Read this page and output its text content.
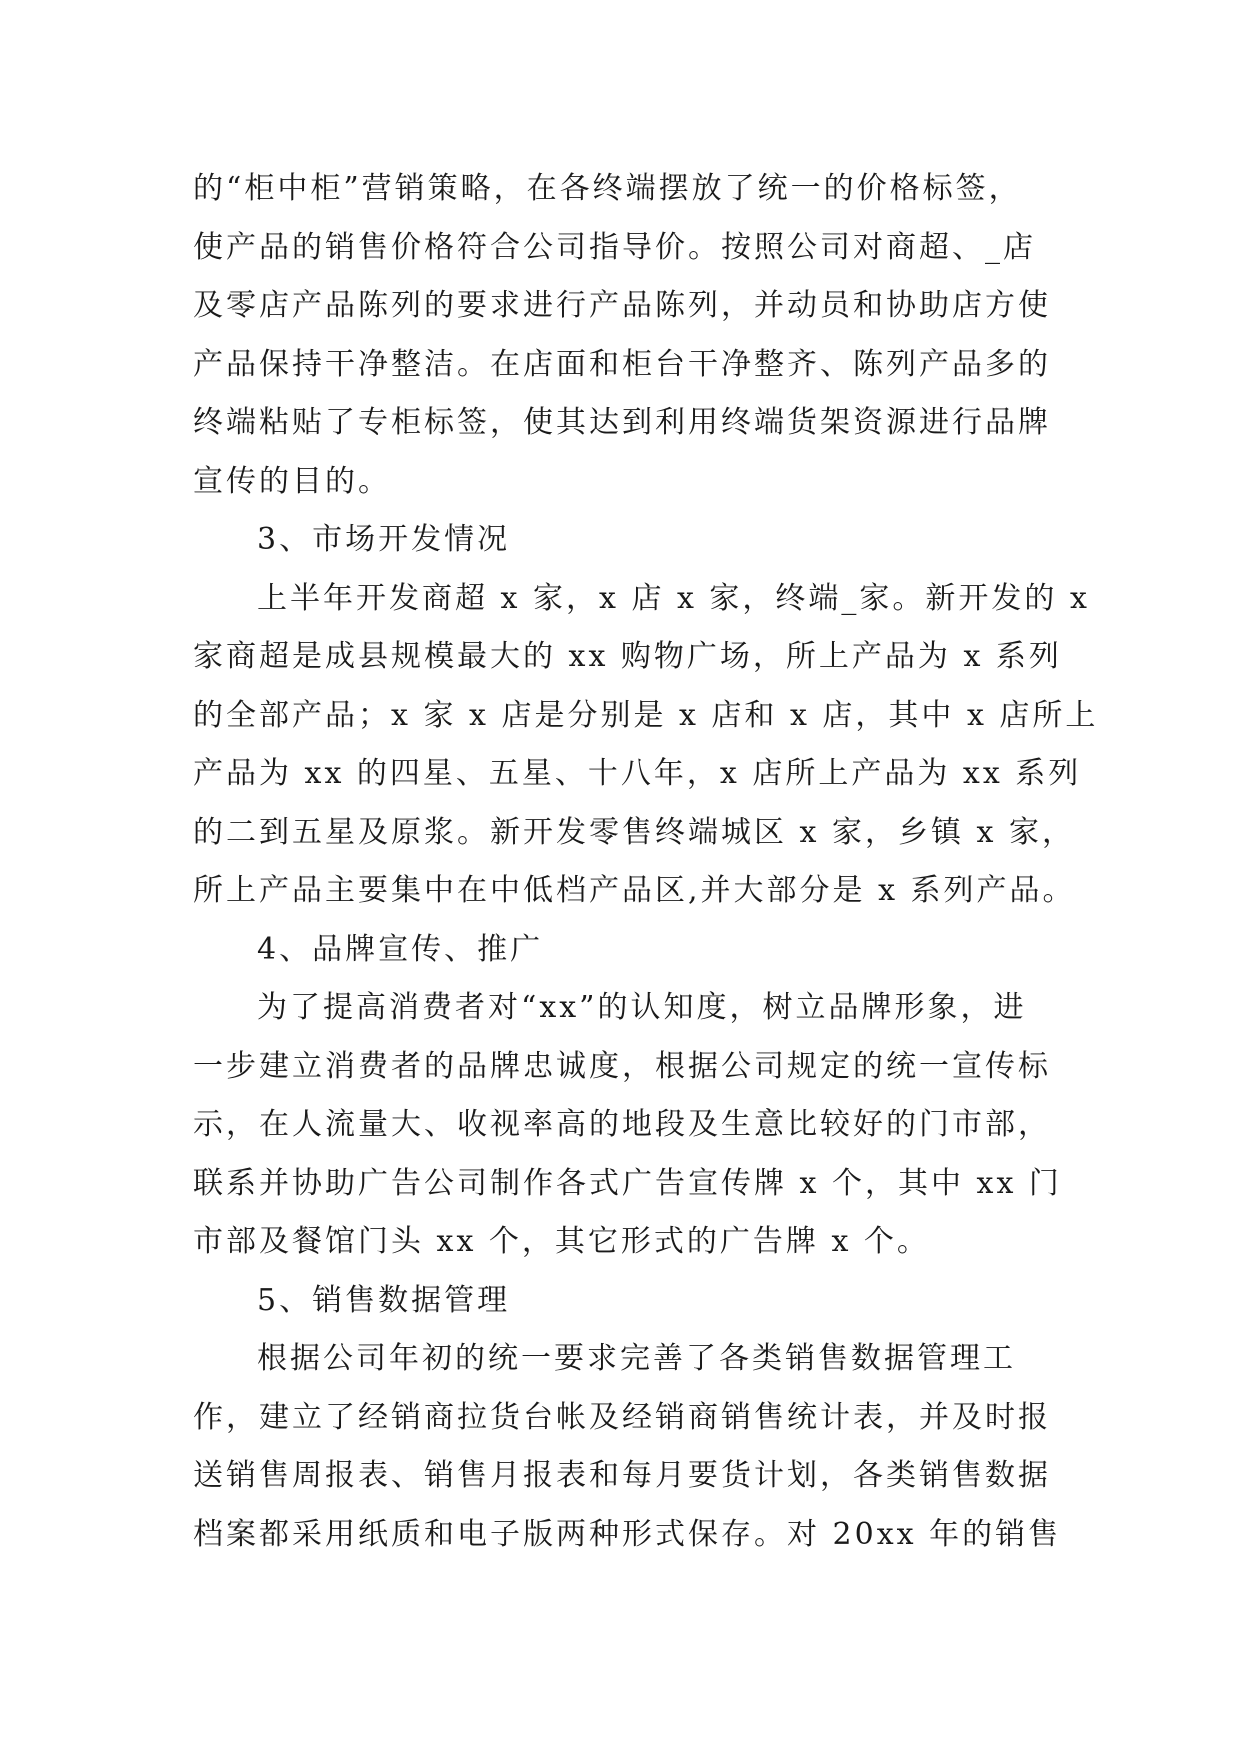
的“柜中柜”营销策略，在各终端摆放了统一的价格标签，
使产品的销售价格符合公司指导价。按照公司对商超、_店
及零店产品陈列的要求进行产品陈列，并动员和协助店方使
产品保持干净整洁。在店面和柜台干净整齐、陈列产品多的
终端粘贴了专柜标签，使其达到利用终端货架资源进行品牌
宣传的目的。
3、市场开发情况
上半年开发商超 x 家，x 店 x 家，终端_家。新开发的 x
家商超是成县规模最大的 xx 购物广场，所上产品为 x 系列
的全部产品；x 家 x 店是分别是 x 店和 x 店，其中 x 店所上
产品为 xx 的四星、五星、十八年，x 店所上产品为 xx 系列
的二到五星及原浆。新开发零售终端城区 x 家，乡镇 x 家，
所上产品主要集中在中低档产品区,并大部分是 x 系列产品。
4、品牌宣传、推广
为了提高消费者对“xx”的认知度，树立品牌形象，进
一步建立消费者的品牌忠诚度，根据公司规定的统一宣传标
示，在人流量大、收视率高的地段及生意比较好的门市部，
联系并协助广告公司制作各式广告宣传牌 x 个，其中 xx 门
市部及餐馆门头 xx 个，其它形式的广告牌 x 个。
5、销售数据管理
根据公司年初的统一要求完善了各类销售数据管理工
作，建立了经销商拉货台帐及经销商销售统计表，并及时报
送销售周报表、销售月报表和每月要货计划，各类销售数据
档案都采用纸质和电子版两种形式保存。对 20xx 年的销售
